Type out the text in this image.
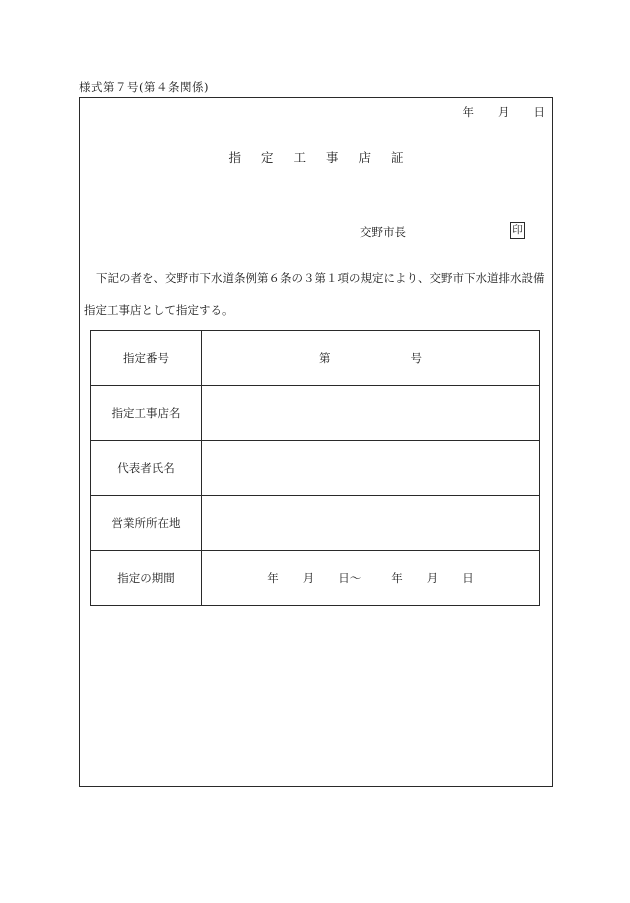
様式第７号(第４条関係)
年 月 日
指 定 工 事 店 証
交野市長	印
下記の者を、交野市下水道条例第６条の３第１項の規定により、交野市下水道排水設備
指定工事店として指定する。
指定番号	第 号
指定工事店名	
代表者氏名	
営業所所在地	
指定の期間	年 月 日～ 年 月 日
